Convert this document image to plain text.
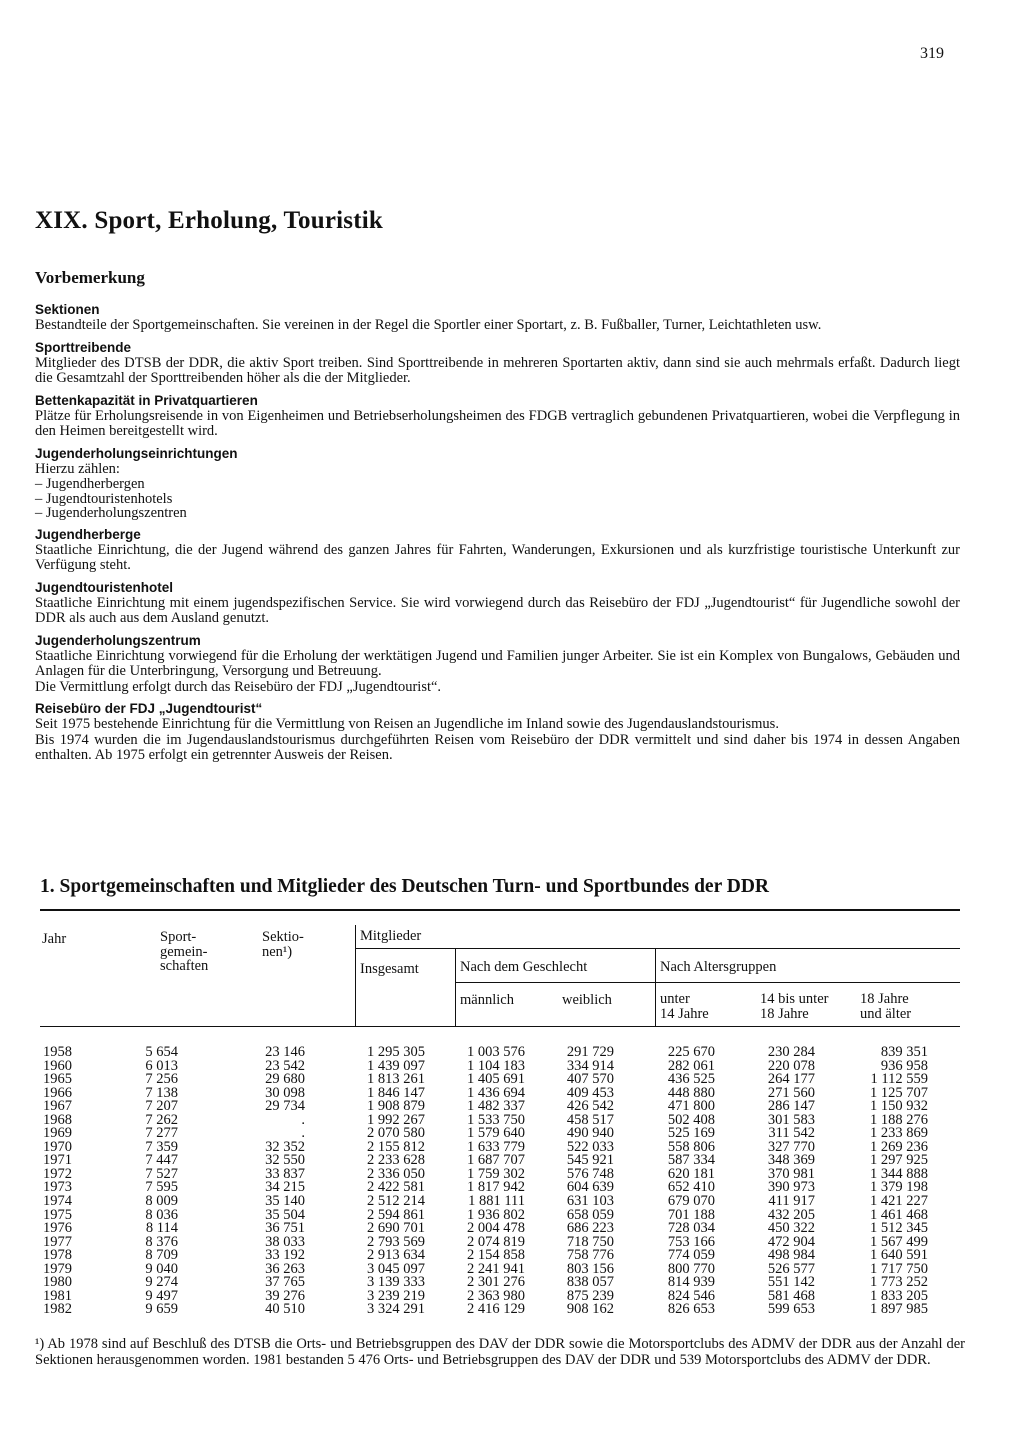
319
XIX. Sport, Erholung, Touristik
Vorbemerkung
Sektionen

Bestandteile der Sportgemeinschaften. Sie vereinen in der Regel die Sportler einer Sportart, z. B. Fußballer, Turner, Leichtathleten usw.

Sporttreibende

Mitglieder des DTSB der DDR, die aktiv Sport treiben. Sind Sporttreibende in mehreren Sportarten aktiv, dann sind sie auch mehrmals erfaßt. Dadurch liegt die Gesamtzahl der Sporttreibenden höher als die der Mitglieder.

Bettenkapazität in Privatquartieren

Plätze für Erholungsreisende in von Eigenheimen und Betriebserholungsheimen des FDGB vertraglich gebundenen Privatquartieren, wobei die Verpflegung in den Heimen bereitgestellt wird.

Jugenderholungseinrichtungen

Hierzu zählen:

– Jugendherbergen
– Jugendtouristenhotels
– Jugenderholungszentren
Jugendherberge

Staatliche Einrichtung, die der Jugend während des ganzen Jahres für Fahrten, Wanderungen, Exkursionen und als kurzfristige touristische Unterkunft zur Verfügung steht.

Jugendtouristenhotel

Staatliche Einrichtung mit einem jugendspezifischen Service. Sie wird vorwiegend durch das Reisebüro der FDJ „Jugendtourist“ für Jugendliche sowohl der DDR als auch aus dem Ausland genutzt.

Jugenderholungszentrum

Staatliche Einrichtung vorwiegend für die Erholung der werktätigen Jugend und Familien junger Arbeiter. Sie ist ein Komplex von Bungalows, Gebäuden und Anlagen für die Unterbringung, Versorgung und Betreuung.

Die Vermittlung erfolgt durch das Reisebüro der FDJ „Jugendtourist“.

Reisebüro der FDJ „Jugendtourist“

Seit 1975 bestehende Einrichtung für die Vermittlung von Reisen an Jugendliche im Inland sowie des Jugendauslandstourismus.

Bis 1974 wurden die im Jugendauslandstourismus durchgeführten Reisen vom Reisebüro der DDR vermittelt und sind daher bis 1974 in dessen Angaben enthalten. Ab 1975 erfolgt ein getrennter Ausweis der Reisen.

1. Sportgemeinschaften und Mitglieder des Deutschen Turn- und Sportbundes der DDR
Jahr	Sport-
gemein-
schaften
Sektio-
nen¹)
Mitglieder
Insgesamt	Nach dem Geschlecht	Nach Altersgruppen
männlich	weiblich	unter
14 Jahre
14 bis unter
18 Jahre
18 Jahre
und älter
1958	5 654	23 146	1 295 305	1 003 576	291 729	225 670	230 284	839 351
1960	6 013	23 542	1 439 097	1 104 183	334 914	282 061	220 078	936 958
1965	7 256	29 680	1 813 261	1 405 691	407 570	436 525	264 177	1 112 559
1966	7 138	30 098	1 846 147	1 436 694	409 453	448 880	271 560	1 125 707
1967	7 207	29 734	1 908 879	1 482 337	426 542	471 800	286 147	1 150 932
1968	7 262	.	1 992 267	1 533 750	458 517	502 408	301 583	1 188 276
1969	7 277	.	2 070 580	1 579 640	490 940	525 169	311 542	1 233 869
1970	7 359	32 352	2 155 812	1 633 779	522 033	558 806	327 770	1 269 236
1971	7 447	32 550	2 233 628	1 687 707	545 921	587 334	348 369	1 297 925
1972	7 527	33 837	2 336 050	1 759 302	576 748	620 181	370 981	1 344 888
1973	7 595	34 215	2 422 581	1 817 942	604 639	652 410	390 973	1 379 198
1974	8 009	35 140	2 512 214	1 881 111	631 103	679 070	411 917	1 421 227
1975	8 036	35 504	2 594 861	1 936 802	658 059	701 188	432 205	1 461 468
1976	8 114	36 751	2 690 701	2 004 478	686 223	728 034	450 322	1 512 345
1977	8 376	38 033	2 793 569	2 074 819	718 750	753 166	472 904	1 567 499
1978	8 709	33 192	2 913 634	2 154 858	758 776	774 059	498 984	1 640 591
1979	9 040	36 263	3 045 097	2 241 941	803 156	800 770	526 577	1 717 750
1980	9 274	37 765	3 139 333	2 301 276	838 057	814 939	551 142	1 773 252
1981	9 497	39 276	3 239 219	2 363 980	875 239	824 546	581 468	1 833 205
1982	9 659	40 510	3 324 291	2 416 129	908 162	826 653	599 653	1 897 985

¹) Ab 1978 sind auf Beschluß des DTSB die Orts- und Betriebsgruppen des DAV der DDR sowie die Motorsportclubs des ADMV der DDR aus der Anzahl der Sektionen herausgenommen worden. 1981 bestanden 5 476 Orts- und Betriebsgruppen des DAV der DDR und 539 Motorsportclubs des ADMV der DDR.
